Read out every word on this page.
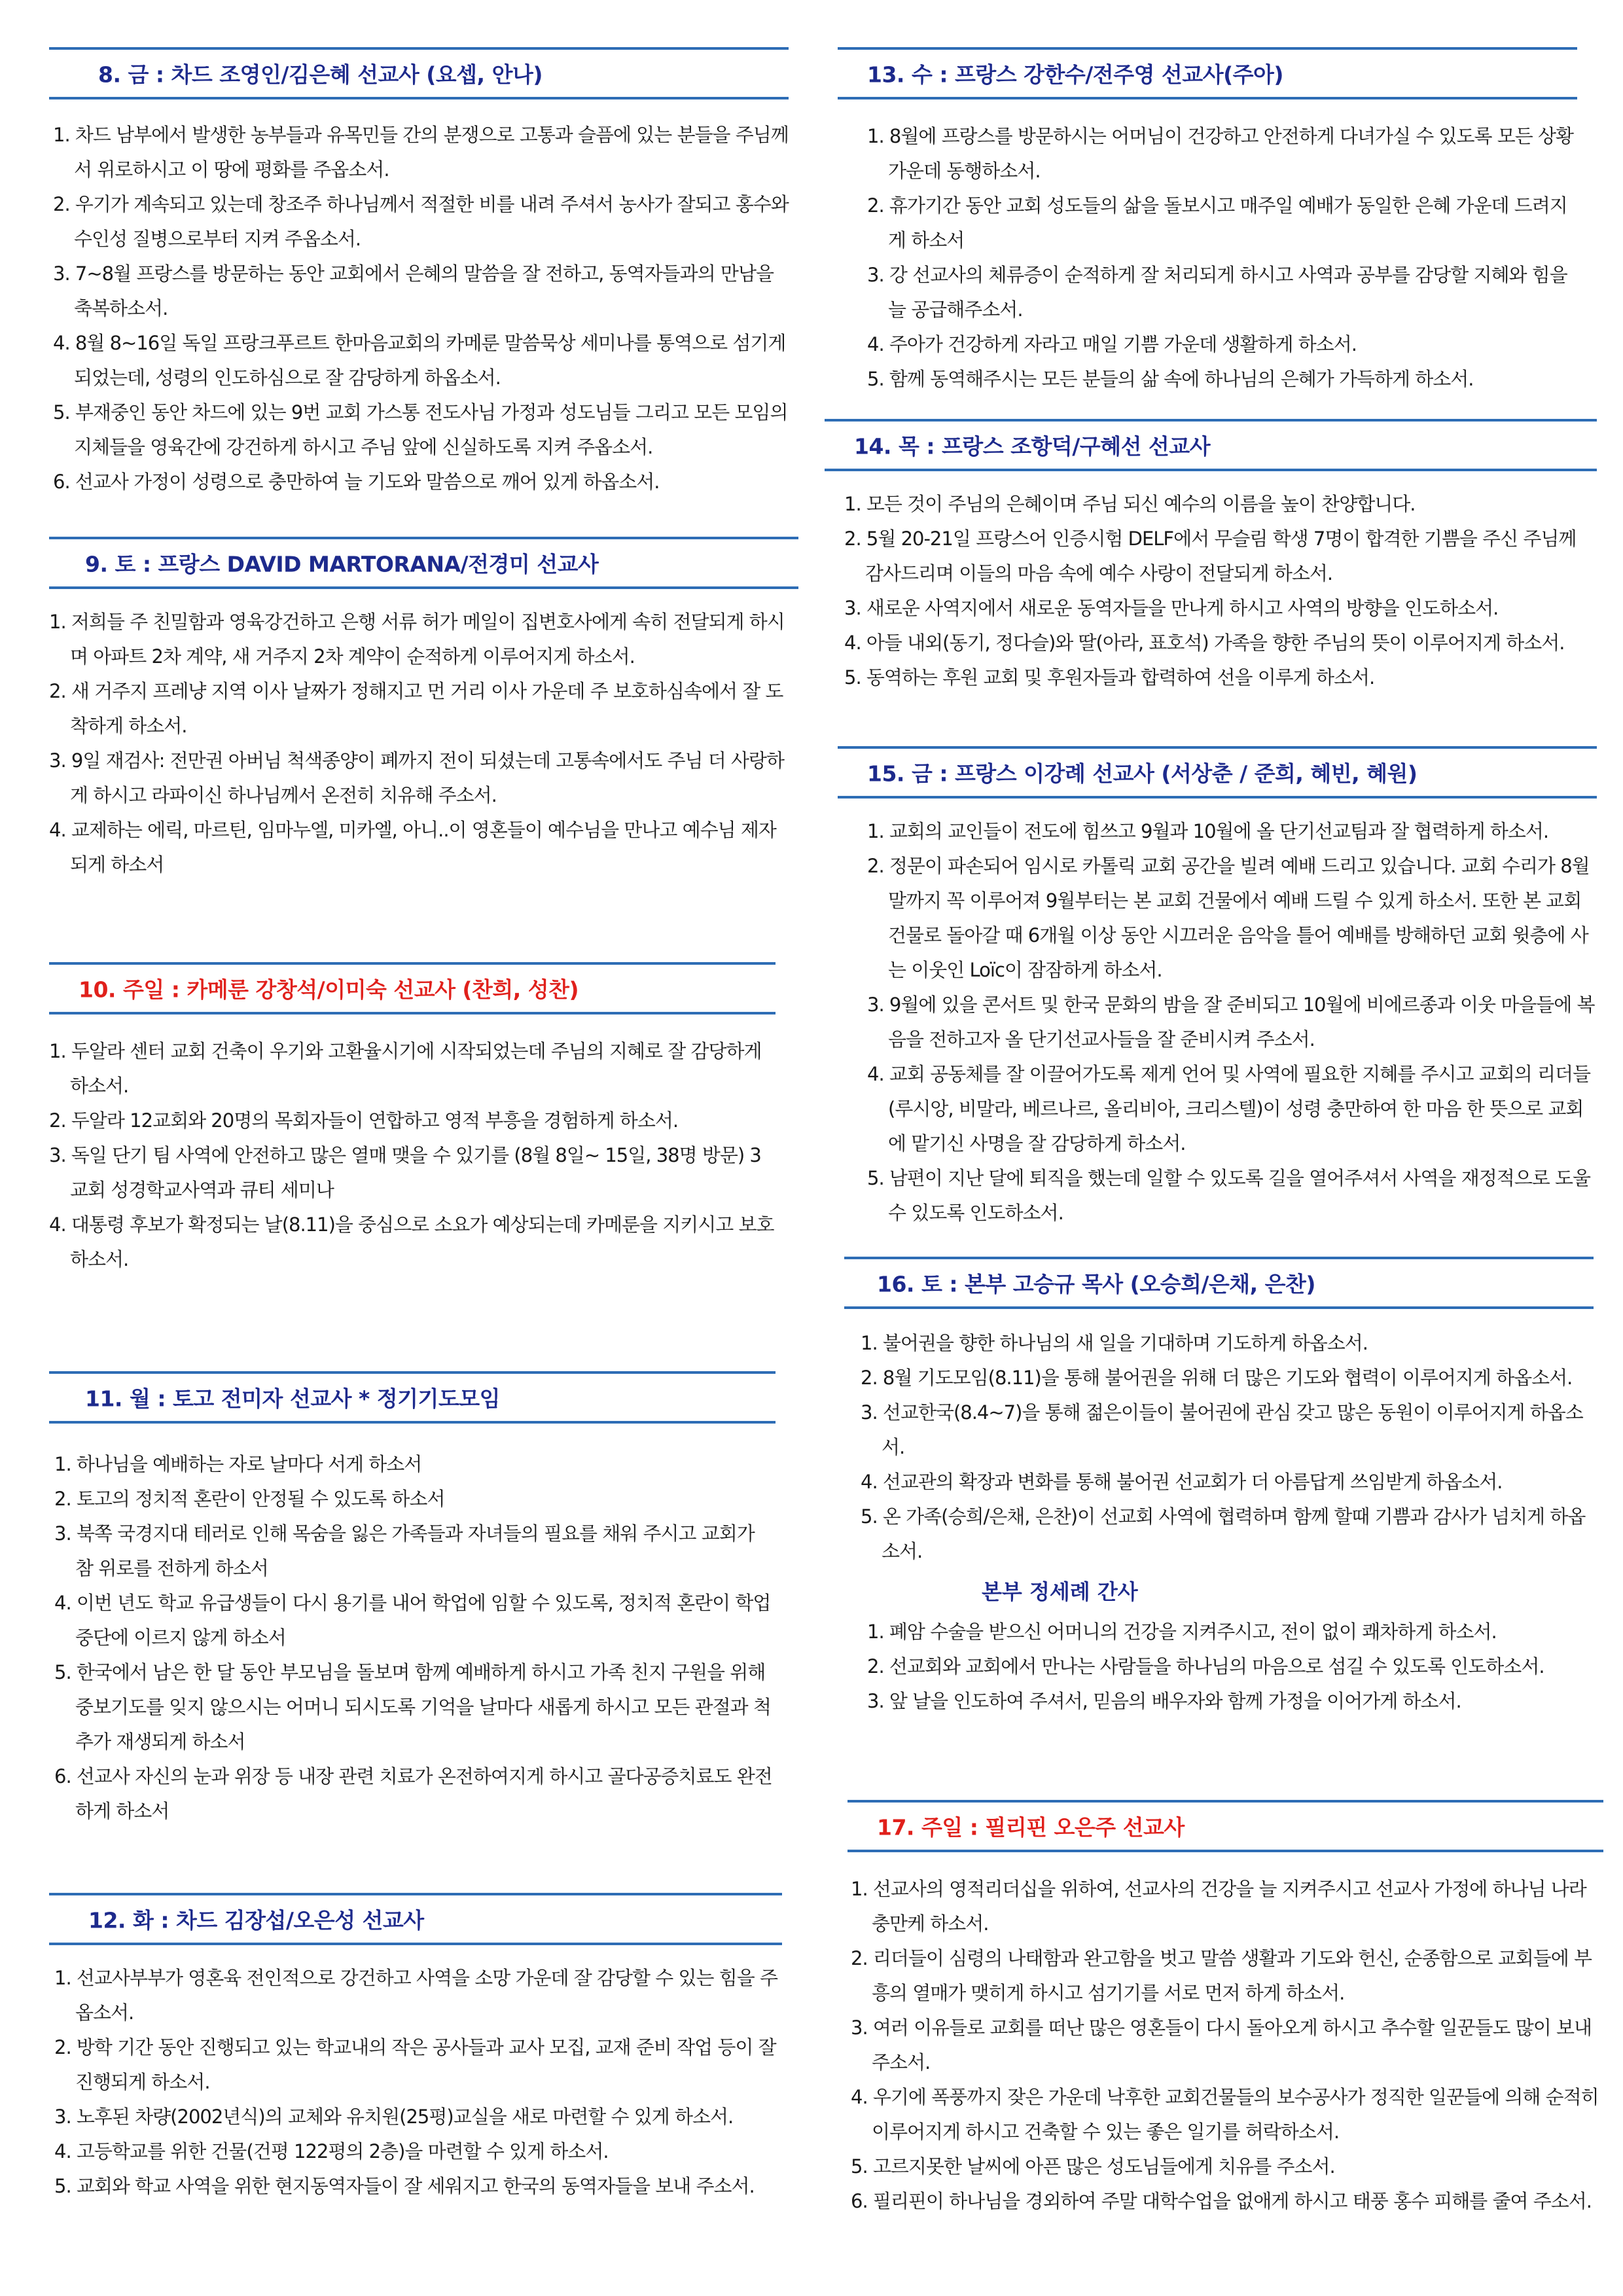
8. 금 : 차드 조영인/김은혜 선교사 (요셉, 안나)
1. 차드 남부에서 발생한 농부들과 유목민들 간의 분쟁으로 고통과 슬픔에 있는 분들을 주님께서 위로하시고 이 땅에 평화를 주옵소서.
2. 우기가 계속되고 있는데 창조주 하나님께서 적절한 비를 내려 주셔서 농사가 잘되고 홍수와 수인성 질병으로부터 지켜 주옵소서.
3. 7~8월 프랑스를 방문하는 동안 교회에서 은혜의 말씀을 잘 전하고, 동역자들과의 만남을 축복하소서.
4. 8월 8~16일 독일 프랑크푸르트 한마음교회의 카메룬 말씀묵상 세미나를 통역으로 섬기게 되었는데, 성령의 인도하심으로 잘 감당하게 하옵소서.
5. 부재중인 동안 차드에 있는 9번 교회 가스통 전도사님 가정과 성도님들 그리고 모든 모임의 지체들을 영육간에 강건하게 하시고 주님 앞에 신실하도록 지켜 주옵소서.
6. 선교사 가정이 성령으로 충만하여 늘 기도와 말씀으로 깨어 있게 하옵소서.
9. 토 : 프랑스 DAVID MARTORANA/전경미 선교사
1. 저희들 주 친밀함과 영육강건하고 은행 서류 허가 메일이 집변호사에게 속히 전달되게 하시며 아파트 2차 계약, 새 거주지 2차 계약이 순적하게 이루어지게 하소서.
2. 새 거주지 프레냥 지역 이사 날짜가 정해지고 먼 거리 이사 가운데 주 보호하심속에서 잘 도착하게 하소서.
3. 9일 재검사: 전만권 아버님 척색종양이 폐까지 전이 되셨는데 고통속에서도 주님 더 사랑하게 하시고 라파이신 하나님께서 온전히 치유해 주소서.
4. 교제하는 에릭, 마르틴, 임마누엘, 미카엘, 아니..이 영혼들이 예수님을 만나고 예수님 제자 되게 하소서
10. 주일 : 카메룬 강창석/이미숙 선교사 (찬희, 성찬)
1. 두알라 센터 교회 건축이 우기와 고환율시기에 시작되었는데 주님의 지혜로 잘 감당하게 하소서.
2. 두알라 12교회와 20명의 목회자들이 연합하고 영적 부흥을 경험하게 하소서.
3. 독일 단기 팀 사역에 안전하고 많은 열매 맺을 수 있기를 (8월 8일~ 15일, 38명 방문) 3교회 성경학교사역과 큐티 세미나
4. 대통령 후보가 확정되는 날(8.11)을 중심으로 소요가 예상되는데 카메룬을 지키시고 보호하소서.
11. 월 : 토고 전미자 선교사 * 정기기도모임
1. 하나님을 예배하는 자로 날마다 서게 하소서
2. 토고의 정치적 혼란이 안정될 수 있도록 하소서
3. 북쪽 국경지대 테러로 인해 목숨을 잃은 가족들과 자녀들의 필요를 채워 주시고 교회가 참 위로를 전하게 하소서
4. 이번 년도 학교 유급생들이 다시 용기를 내어 학업에 임할 수 있도록, 정치적 혼란이 학업 중단에 이르지 않게 하소서
5. 한국에서 남은 한 달 동안 부모님을 돌보며 함께 예배하게 하시고 가족 친지 구원을 위해 중보기도를 잊지 않으시는 어머니 되시도록 기억을 날마다 새롭게 하시고 모든 관절과 척추가 재생되게 하소서
6. 선교사 자신의 눈과 위장 등 내장 관련 치료가 온전하여지게 하시고 골다공증치료도 완전하게 하소서
12. 화 : 차드 김장섭/오은성 선교사
1. 선교사부부가 영혼육 전인적으로 강건하고 사역을 소망 가운데 잘 감당할 수 있는 힘을 주옵소서.
2. 방학 기간 동안 진행되고 있는 학교내의 작은 공사들과 교사 모집, 교재 준비 작업 등이 잘 진행되게 하소서.
3. 노후된 차량(2002년식)의 교체와 유치원(25평)교실을 새로 마련할 수 있게 하소서.
4. 고등학교를 위한 건물(건평 122평의 2층)을 마련할 수 있게 하소서.
5. 교회와 학교 사역을 위한 현지동역자들이 잘 세워지고 한국의 동역자들을 보내 주소서.
13. 수 : 프랑스 강한수/전주영 선교사(주아)
1. 8월에 프랑스를 방문하시는 어머님이 건강하고 안전하게 다녀가실 수 있도록 모든 상황 가운데 동행하소서.
2. 휴가기간 동안 교회 성도들의 삶을 돌보시고 매주일 예배가 동일한 은혜 가운데 드려지게 하소서
3. 강 선교사의 체류증이 순적하게 잘 처리되게 하시고 사역과 공부를 감당할 지혜와 힘을 늘 공급해주소서.
4. 주아가 건강하게 자라고 매일 기쁨 가운데 생활하게 하소서.
5. 함께 동역해주시는 모든 분들의 삶 속에 하나님의 은혜가 가득하게 하소서.
14. 목 : 프랑스 조항덕/구혜선 선교사
1. 모든 것이 주님의 은혜이며 주님 되신 예수의 이름을 높이 찬양합니다.
2. 5월 20-21일 프랑스어 인증시험 DELF에서 무슬림 학생 7명이 합격한 기쁨을 주신 주님께 감사드리며 이들의 마음 속에 예수 사랑이 전달되게 하소서.
3. 새로운 사역지에서 새로운 동역자들을 만나게 하시고 사역의 방향을 인도하소서.
4. 아들 내외(동기, 정다슬)와 딸(아라, 표호석) 가족을 향한 주님의 뜻이 이루어지게 하소서.
5. 동역하는 후원 교회 및 후원자들과 합력하여 선을 이루게 하소서.
15. 금 : 프랑스 이강례 선교사 (서상춘 / 준희, 혜빈, 혜원)
1. 교회의 교인들이 전도에 힘쓰고 9월과 10월에 올 단기선교팀과 잘 협력하게 하소서.
2. 정문이 파손되어 임시로 카톨릭 교회 공간을 빌려 예배 드리고 있습니다. 교회 수리가 8월 말까지 꼭 이루어져 9월부터는 본 교회 건물에서 예배 드릴 수 있게 하소서. 또한 본 교회 건물로 돌아갈 때 6개월 이상 동안 시끄러운 음악을 틀어 예배를 방해하던 교회 윗층에 사는 이웃인 Loïc이 잠잠하게 하소서.
3. 9월에 있을 콘서트 및 한국 문화의 밤을 잘 준비되고 10월에 비에르종과 이웃 마을들에 복음을 전하고자 올 단기선교사들을 잘 준비시켜 주소서.
4. 교회 공동체를 잘 이끌어가도록 제게 언어 및 사역에 필요한 지혜를 주시고 교회의 리더들(루시앙, 비말라, 베르나르, 올리비아, 크리스텔)이 성령 충만하여 한 마음 한 뜻으로 교회에 맡기신 사명을 잘 감당하게 하소서.
5. 남편이 지난 달에 퇴직을 했는데 일할 수 있도록 길을 열어주셔서 사역을 재정적으로 도울 수 있도록 인도하소서.
16. 토 : 본부 고승규 목사 (오승희/은채, 은찬)
1. 불어권을 향한 하나님의 새 일을 기대하며 기도하게 하옵소서.
2. 8월 기도모임(8.11)을 통해 불어권을 위해 더 많은 기도와 협력이 이루어지게 하옵소서.
3. 선교한국(8.4~7)을 통해 젊은이들이 불어권에 관심 갖고 많은 동원이 이루어지게 하옵소서.
4. 선교관의 확장과 변화를 통해 불어권 선교회가 더 아름답게 쓰임받게 하옵소서.
5. 온 가족(승희/은채, 은찬)이 선교회 사역에 협력하며 함께 할때 기쁨과 감사가 넘치게 하옵소서.
본부 정세례 간사
1. 폐암 수술을 받으신 어머니의 건강을 지켜주시고, 전이 없이 쾌차하게 하소서.
2. 선교회와 교회에서 만나는 사람들을 하나님의 마음으로 섬길 수 있도록 인도하소서.
3. 앞 날을 인도하여 주셔서, 믿음의 배우자와 함께 가정을 이어가게 하소서.
17. 주일 : 필리핀 오은주 선교사
1. 선교사의 영적리더십을 위하여, 선교사의 건강을 늘 지켜주시고 선교사 가정에 하나님 나라 충만케 하소서.
2. 리더들이 심령의 나태함과 완고함을 벗고 말씀 생활과 기도와 헌신, 순종함으로 교회들에 부흥의 열매가 맺히게 하시고 섬기기를 서로 먼저 하게 하소서.
3. 여러 이유들로 교회를 떠난 많은 영혼들이 다시 돌아오게 하시고 추수할 일꾼들도 많이 보내 주소서.
4. 우기에 폭풍까지 잦은 가운데 낙후한 교회건물들의 보수공사가 정직한 일꾼들에 의해 순적히 이루어지게 하시고 건축할 수 있는 좋은 일기를 허락하소서.
5. 고르지못한 날씨에 아픈 많은 성도님들에게 치유를 주소서.
6. 필리핀이 하나님을 경외하여 주말 대학수업을 없애게 하시고 태풍 홍수 피해를 줄여 주소서.
